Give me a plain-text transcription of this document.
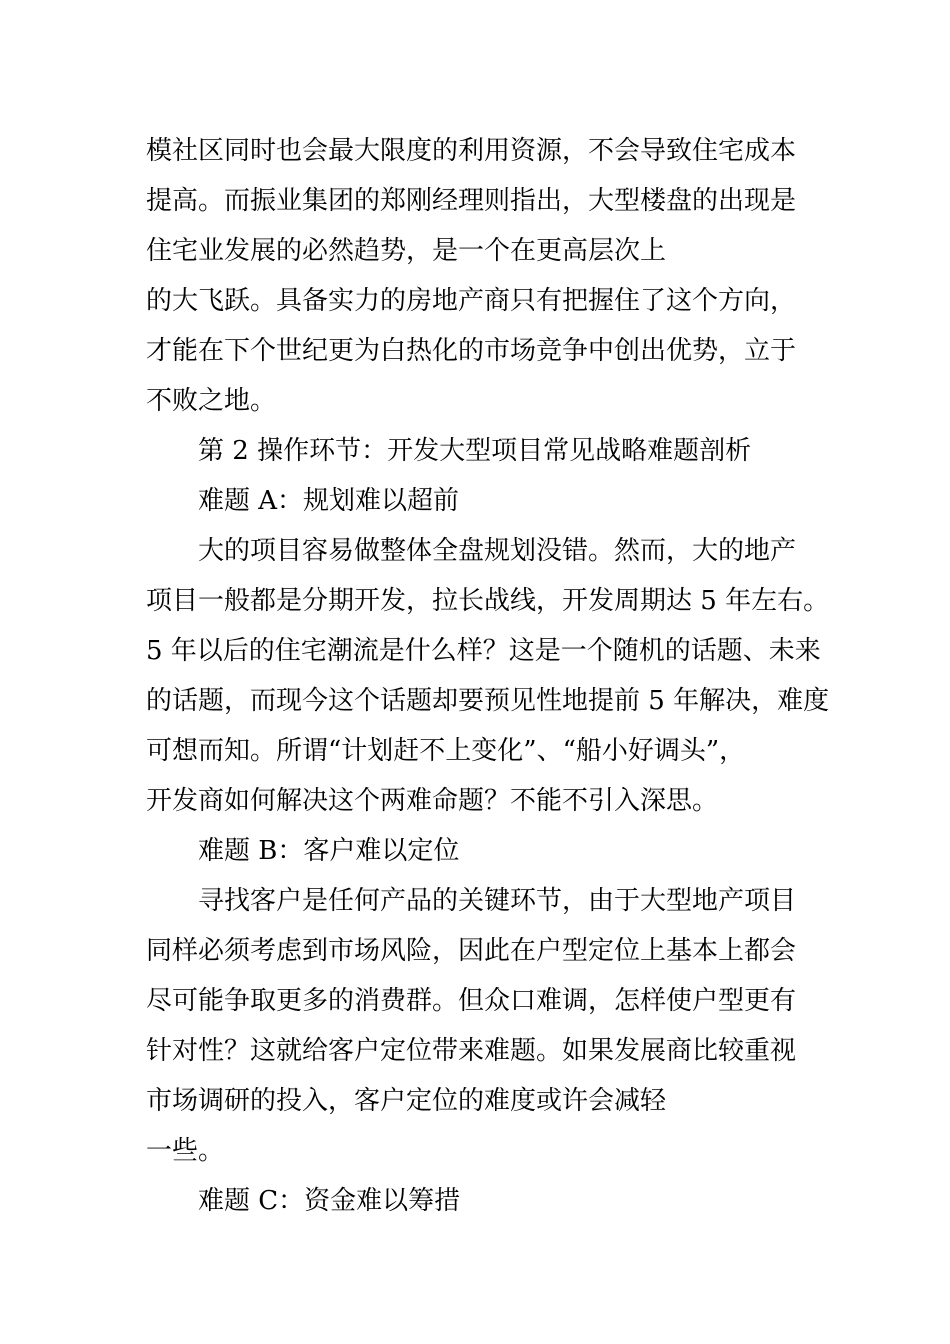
模社区同时也会最大限度的利用资源，不会导致住宅成本
提高。而振业集团的郑刚经理则指出，大型楼盘的出现是
住宅业发展的必然趋势，是一个在更高层次上
的大飞跃。具备实力的房地产商只有把握住了这个方向，
才能在下个世纪更为白热化的市场竞争中创出优势，立于
不败之地。
第 2 操作环节：开发大型项目常见战略难题剖析
难题 A：规划难以超前
大的项目容易做整体全盘规划没错。然而，大的地产
项目一般都是分期开发，拉长战线，开发周期达 5 年左右。
5 年以后的住宅潮流是什么样？这是一个随机的话题、未来
的话题，而现今这个话题却要预见性地提前 5 年解决，难度
可想而知。所谓“计划赶不上变化”、“船小好调头”，
开发商如何解决这个两难命题？不能不引入深思。
难题 B：客户难以定位
寻找客户是任何产品的关键环节，由于大型地产项目
同样必须考虑到市场风险，因此在户型定位上基本上都会
尽可能争取更多的消费群。但众口难调，怎样使户型更有
针对性？这就给客户定位带来难题。如果发展商比较重视
市场调研的投入，客户定位的难度或许会减轻
一些。
难题 C：资金难以筹措
